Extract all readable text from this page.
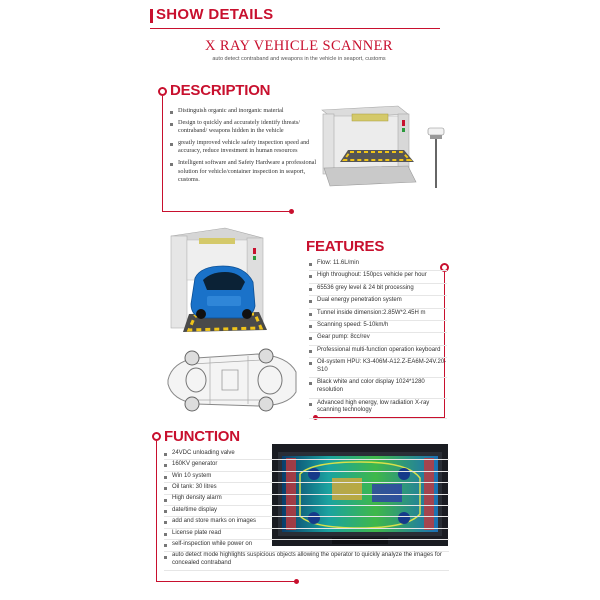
SHOW DETAILS
X RAY VEHICLE SCANNER
auto detect contraband and weapons in the vehicle in seaport, customs
DESCRIPTION
Distinguish organic and inorganic material
Design to quickly and accurately identify threats/ contraband/ weapons hidden in the vehicle
greatly improved vehicle safety inspection speed and accuracy, reduce investment in human resources
Intelligent software and Safety Hardware a professional solution for vehicle/container inspection in seaport, customs.
FEATURES
Flow: 11.6L/min
High throughout: 150pcs vehicle per hour
65536 grey level & 24 bit processing
Dual energy penetration system
Tunnel inside dimension:2.85W*2.45H m
Scanning speed: 5-10km/h
Gear pump: 8cc/rev
Professional multi-function operation keyboard
Oil-system HPU: K3-406M-A12.Z-EA6M-24V.20-S10
Black white and color display 1024*1280 resolution
Advanced high energy, low radiation X-ray scanning technology
FUNCTION
24VDC unloading valve
160KV generator
Win 10 system
Oil tank: 30 litres
High density alarm
date/time display
add and store marks on images
License plate read
self-inspection while power on
auto detect mode highlights suspicious objects allowing the operator to quickly analyze the images for concealed contraband
